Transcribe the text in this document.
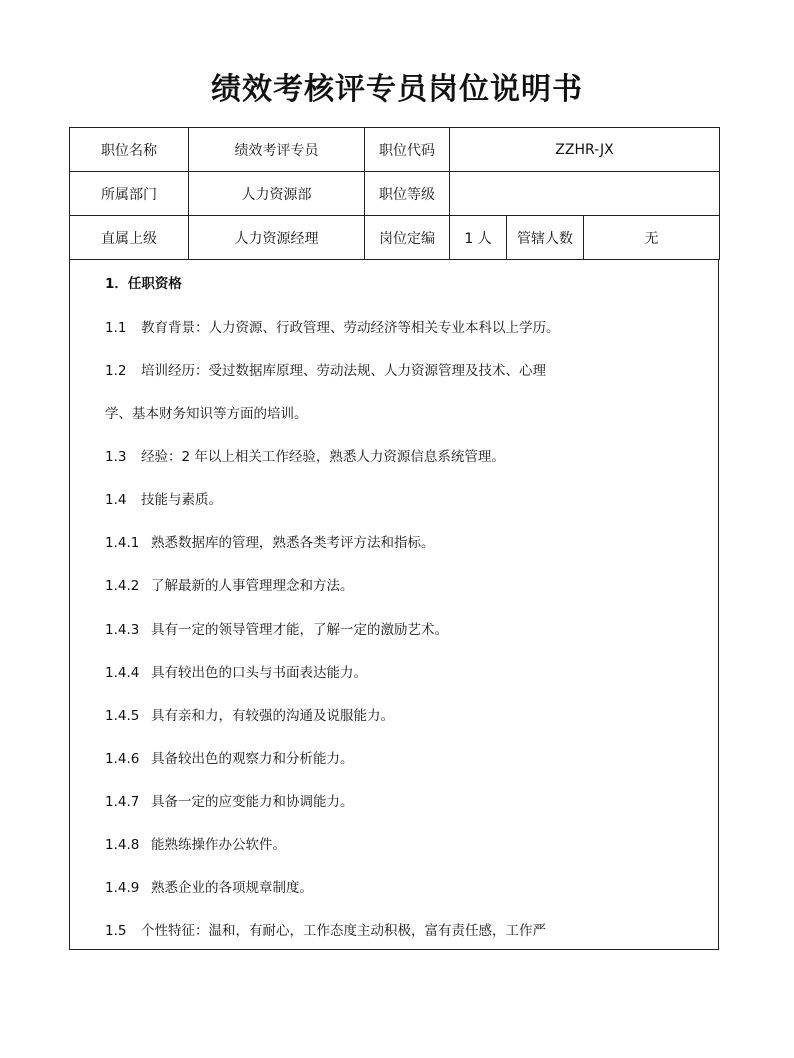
绩效考核评专员岗位说明书
职位名称	绩效考评专员	职位代码	ZZHR-JX		
所属部门	人力资源部	职位等级			
直属上级	人力资源经理	岗位定编	1 人	管辖人数	无
1．任职资格
1.1 教育背景：人力资源、行政管理、劳动经济等相关专业本科以上学历。
1.2 培训经历：受过数据库原理、劳动法规、人力资源管理及技术、心理
学、基本财务知识等方面的培训。
1.3 经验：2 年以上相关工作经验，熟悉人力资源信息系统管理。
1.4 技能与素质。
1.4.1 熟悉数据库的管理，熟悉各类考评方法和指标。
1.4.2 了解最新的人事管理理念和方法。
1.4.3 具有一定的领导管理才能，了解一定的激励艺术。
1.4.4 具有较出色的口头与书面表达能力。
1.4.5 具有亲和力，有较强的沟通及说服能力。
1.4.6 具备较出色的观察力和分析能力。
1.4.7 具备一定的应变能力和协调能力。
1.4.8 能熟练操作办公软件。
1.4.9 熟悉企业的各项规章制度。
1.5 个性特征：温和，有耐心，工作态度主动积极，富有责任感，工作严
